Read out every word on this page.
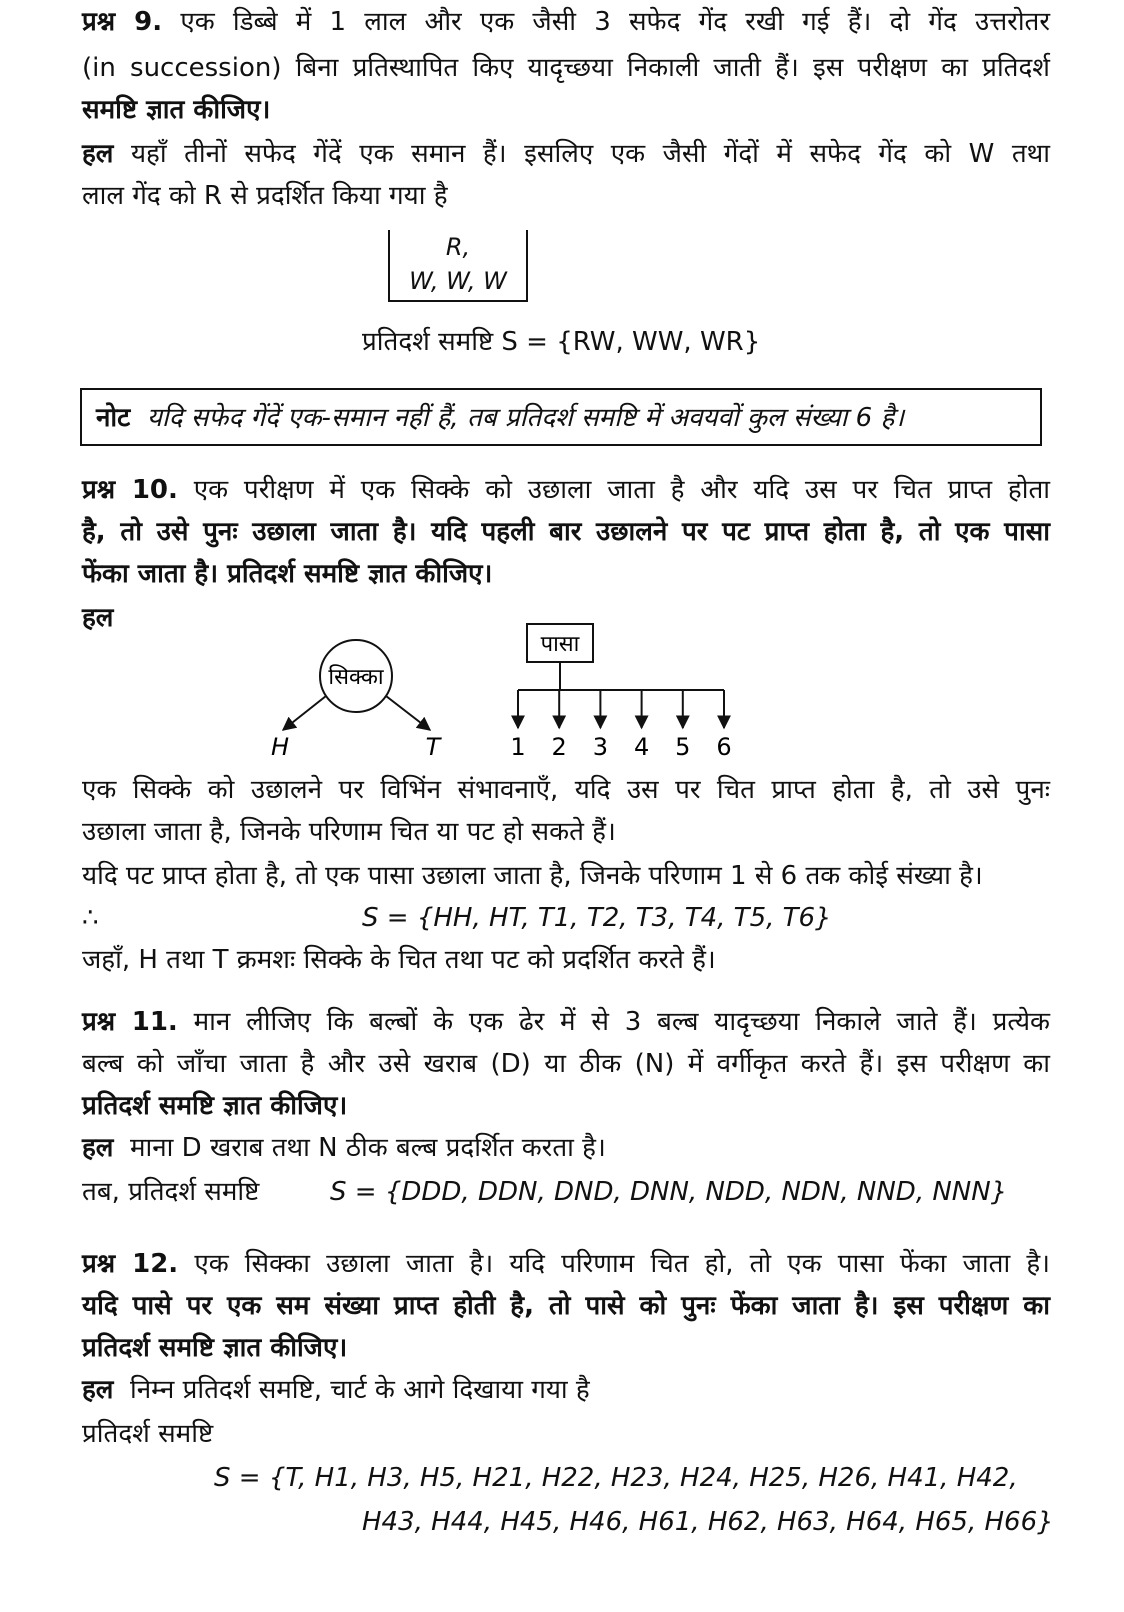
प्रश्न 9. एक डिब्बे में 1 लाल और एक जैसी 3 सफेद गेंद रखी गई हैं। दो गेंद उत्तरोतर
(in succession) बिना प्रतिस्थापित किए यादृच्छया निकाली जाती हैं। इस परीक्षण का प्रतिदर्श
समष्टि ज्ञात कीजिए।
हल यहाँ तीनों सफेद गेंदें एक समान हैं। इसलिए एक जैसी गेंदों में सफेद गेंद को W तथा
लाल गेंद को R से प्रदर्शित किया गया है
R,
W, W, W
प्रतिदर्श समष्टि S = {RW, WW, WR}
नोट यदि सफेद गेंदें एक-समान नहीं हैं, तब प्रतिदर्श समष्टि में अवयवों कुल संख्या 6 है।
प्रश्न 10. एक परीक्षण में एक सिक्के को उछाला जाता है और यदि उस पर चित प्राप्त होता
है, तो उसे पुनः उछाला जाता है। यदि पहली बार उछालने पर पट प्राप्त होता है, तो एक पासा
फेंका जाता है। प्रतिदर्श समष्टि ज्ञात कीजिए।
हल
सिक्का
H	T
पासा
1 2 3 4 5 6
एक सिक्के को उछालने पर विभिंन संभावनाएँ, यदि उस पर चित प्राप्त होता है, तो उसे पुनः
उछाला जाता है, जिनके परिणाम चित या पट हो सकते हैं।
यदि पट प्राप्त होता है, तो एक पासा उछाला जाता है, जिनके परिणाम 1 से 6 तक कोई संख्या है।
∴	S = {HH, HT, T1, T2, T3, T4, T5, T6}
जहाँ, H तथा T क्रमशः सिक्के के चित तथा पट को प्रदर्शित करते हैं।
प्रश्न 11. मान लीजिए कि बल्बों के एक ढेर में से 3 बल्ब यादृच्छया निकाले जाते हैं। प्रत्येक
बल्ब को जाँचा जाता है और उसे खराब (D) या ठीक (N) में वर्गीकृत करते हैं। इस परीक्षण का
प्रतिदर्श समष्टि ज्ञात कीजिए।
हल माना D खराब तथा N ठीक बल्ब प्रदर्शित करता है।
तब, प्रतिदर्श समष्टि	S = {DDD, DDN, DND, DNN, NDD, NDN, NND, NNN}
प्रश्न 12. एक सिक्का उछाला जाता है। यदि परिणाम चित हो, तो एक पासा फेंका जाता है।
यदि पासे पर एक सम संख्या प्राप्त होती है, तो पासे को पुनः फेंका जाता है। इस परीक्षण का
प्रतिदर्श समष्टि ज्ञात कीजिए।
हल निम्न प्रतिदर्श समष्टि, चार्ट के आगे दिखाया गया है
प्रतिदर्श समष्टि
S = {T, H1, H3, H5, H21, H22, H23, H24, H25, H26, H41, H42,
H43, H44, H45, H46, H61, H62, H63, H64, H65, H66}
